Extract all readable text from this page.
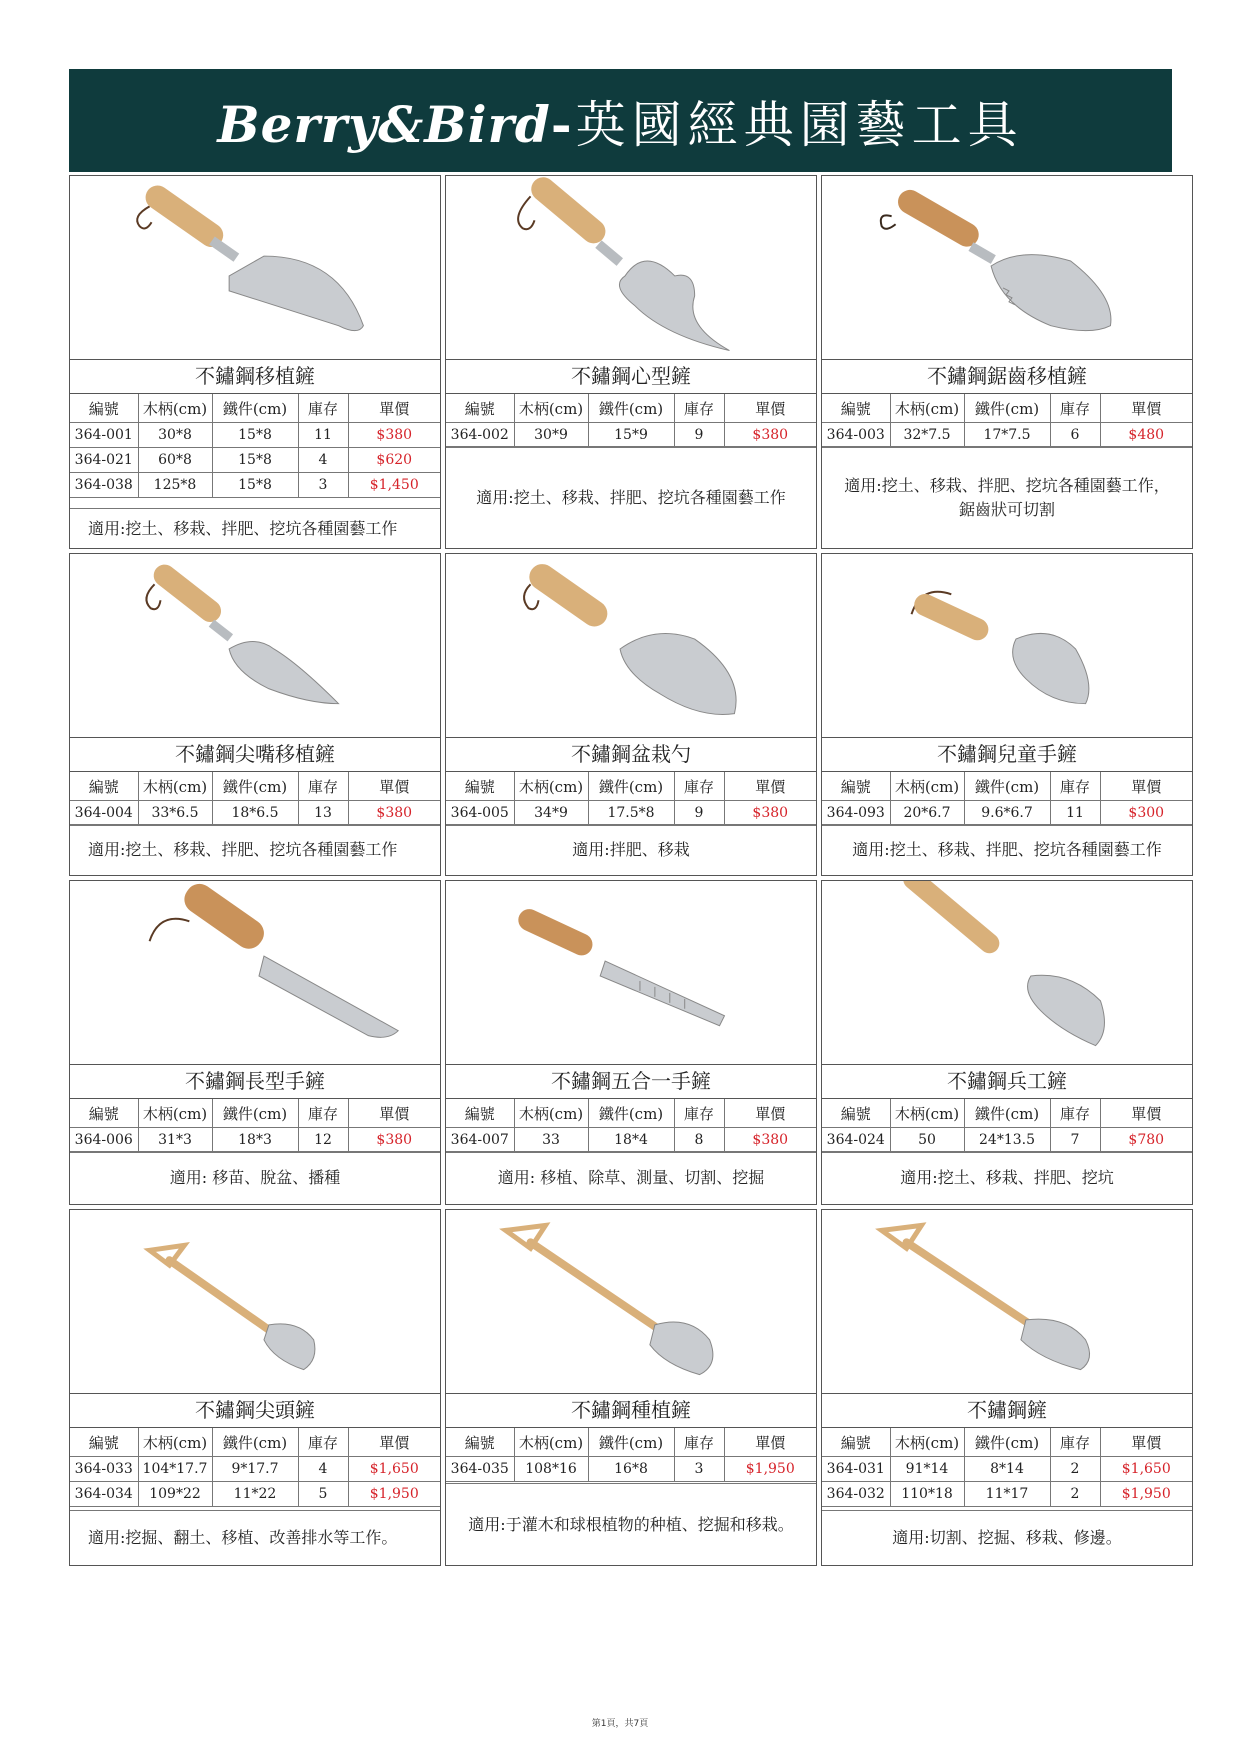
Berry&Bird-英國經典園藝工具
不鏽鋼移植鏟
編號	木柄(cm)	鐵件(cm)	庫存	單價
364-001	30*8	15*8	11	$380
364-021	60*8	15*8	4	$620
364-038	125*8	15*8	3	$1,450
適用:挖土、移栽、拌肥、挖坑各種園藝工作
不鏽鋼心型鏟
編號	木柄(cm)	鐵件(cm)	庫存	單價
364-002	30*9	15*9	9	$380
適用:挖土、移栽、拌肥、挖坑各種園藝工作
不鏽鋼鋸齒移植鏟
編號	木柄(cm)	鐵件(cm)	庫存	單價
364-003	32*7.5	17*7.5	6	$480
適用:挖土、移栽、拌肥、挖坑各種園藝工作，
鋸齒狀可切割
不鏽鋼尖嘴移植鏟
編號	木柄(cm)	鐵件(cm)	庫存	單價
364-004	33*6.5	18*6.5	13	$380
適用:挖土、移栽、拌肥、挖坑各種園藝工作
不鏽鋼盆栽勺
編號	木柄(cm)	鐵件(cm)	庫存	單價
364-005	34*9	17.5*8	9	$380
適用:拌肥、移栽
不鏽鋼兒童手鏟
編號	木柄(cm)	鐵件(cm)	庫存	單價
364-093	20*6.7	9.6*6.7	11	$300
適用:挖土、移栽、拌肥、挖坑各種園藝工作
不鏽鋼長型手鏟
編號	木柄(cm)	鐵件(cm)	庫存	單價
364-006	31*3	18*3	12	$380
適用: 移苗、脫盆、播種
不鏽鋼五合一手鏟
編號	木柄(cm)	鐵件(cm)	庫存	單價
364-007	33	18*4	8	$380
適用: 移植、除草、測量、切割、挖掘
不鏽鋼兵工鏟
編號	木柄(cm)	鐵件(cm)	庫存	單價
364-024	50	24*13.5	7	$780
適用:挖土、移栽、拌肥、挖坑
不鏽鋼尖頭鏟
編號	木柄(cm)	鐵件(cm)	庫存	單價
364-033	104*17.7	9*17.7	4	$1,650
364-034	109*22	11*22	5	$1,950
適用:挖掘、翻土、移植、改善排水等工作。
不鏽鋼種植鏟
編號	木柄(cm)	鐵件(cm)	庫存	單價
364-035	108*16	16*8	3	$1,950
適用:于灌木和球根植物的种植、挖掘和移栽。
不鏽鋼鏟
編號	木柄(cm)	鐵件(cm)	庫存	單價
364-031	91*14	8*14	2	$1,650
364-032	110*18	11*17	2	$1,950
適用:切割、挖掘、移栽、修邊。
第1頁，共7頁
